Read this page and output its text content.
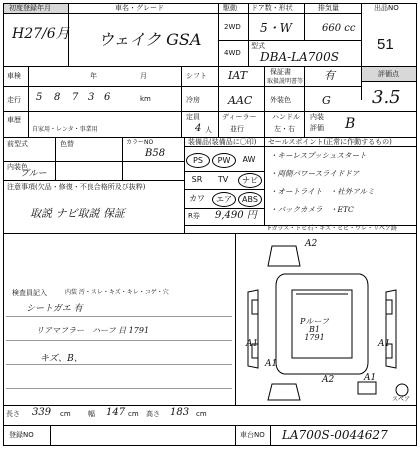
初度登録年月	車名・グレード	駆動 ドア数・形状	排気量	出品NO
H27/6月 ウェイク GSA
2WD
4WD
5・W	660 cc
型式
DBA-LA700S
51
車検	年	月	シフト IAT	保証書
取扱説明書等 有	評価点
3.5
走行 5 8 7 3 6	km	冷房	AAC	外装色	G
車歴
自家用・レンタ・事業用
定員
4 人
ディーラー
並行
ハンドル
左・右
内装
評価 B
前型式	色替	カラーNO
B58
内装色
ブルー
注意事項(欠品・修復・不良合格所及び抜粋)
取説 ナビ取説 保証
装備品(装備品に〇印)
PS	PW	AW
SR	TV	ナビ
カワ	エア	ABS
R券 9,490 円
セールスポイント(正常に作動するもの)
・キーレスプッシュスタート
・両側パワースライドドア
・オートライト　・社外アルミ
・バックカメラ　・ETC
Fガラス・トビ石・キズ・ヒビ・ワレ・リペア跡
検査員記入	内装 汚・スレ・キズ・キレ・コゲ・穴
シートガエ 有
リアマフラー　ハーフ 目 1791
キズ、B、
A2
A1	A1
A2
A1
A1
Pルーフ
B1
1791
スペア
長さ 339 cm 幅 147 cm 高さ 183 cm
登録NO	車台NO LA700S-0044627
